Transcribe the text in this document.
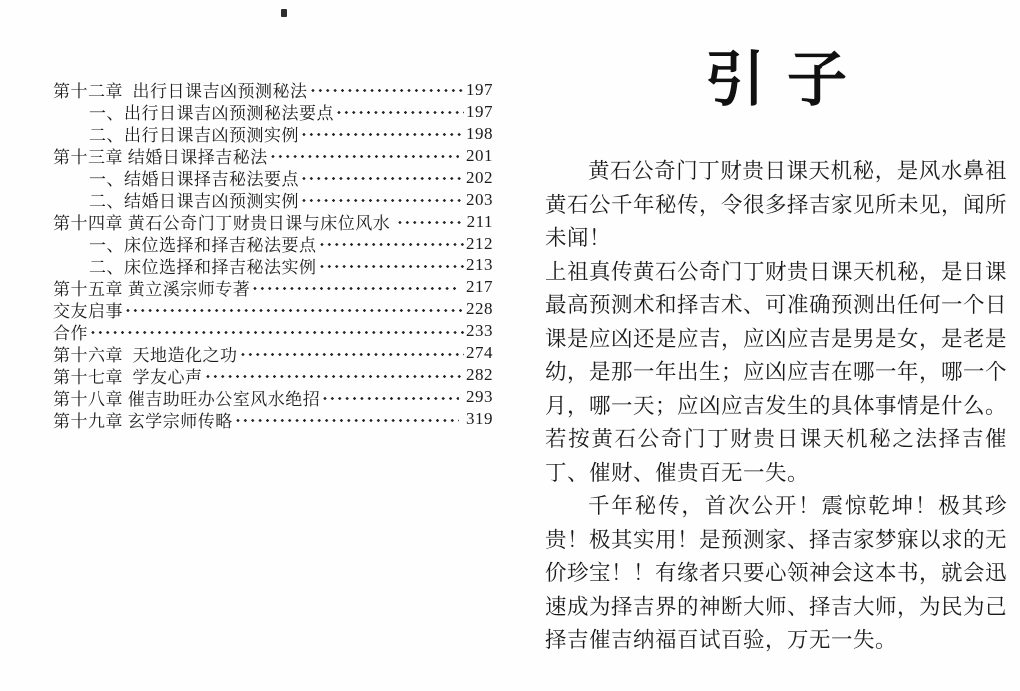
第十二章  出行日课吉凶预测秘法	197
一、出行日课吉凶预测秘法要点	197
二、出行日课吉凶预测实例	198
第十三章 结婚日课择吉秘法	201
一、结婚日课择吉秘法要点	202
二、结婚日课吉凶预测实例	203
第十四章 黄石公奇门丁财贵日课与床位风水	211
一、床位选择和择吉秘法要点	212
二、床位选择和择吉秘法实例	213
第十五章 黄立溪宗师专著	217
交友启事	228
合作	233
第十六章  天地造化之功	274
第十七章  学友心声	282
第十八章 催吉助旺办公室风水绝招	293
第十九章 玄学宗师传略	319
引子

黄石公奇门丁财贵日课天机秘，是风水鼻祖黄石公千年秘传，令很多择吉家见所未见，闻所未闻！

上祖真传黄石公奇门丁财贵日课天机秘，是日课最高预测术和择吉术、可准确预测出任何一个日课是应凶还是应吉，应凶应吉是男是女，是老是幼，是那一年出生；应凶应吉在哪一年，哪一个月，哪一天；应凶应吉发生的具体事情是什么。若按黄石公奇门丁财贵日课天机秘之法择吉催丁、催财、催贵百无一失。

千年秘传，首次公开！震惊乾坤！极其珍贵！极其实用！是预测家、择吉家梦寐以求的无价珍宝！！有缘者只要心领神会这本书，就会迅速成为择吉界的神断大师、择吉大师，为民为己择吉催吉纳福百试百验，万无一失。
